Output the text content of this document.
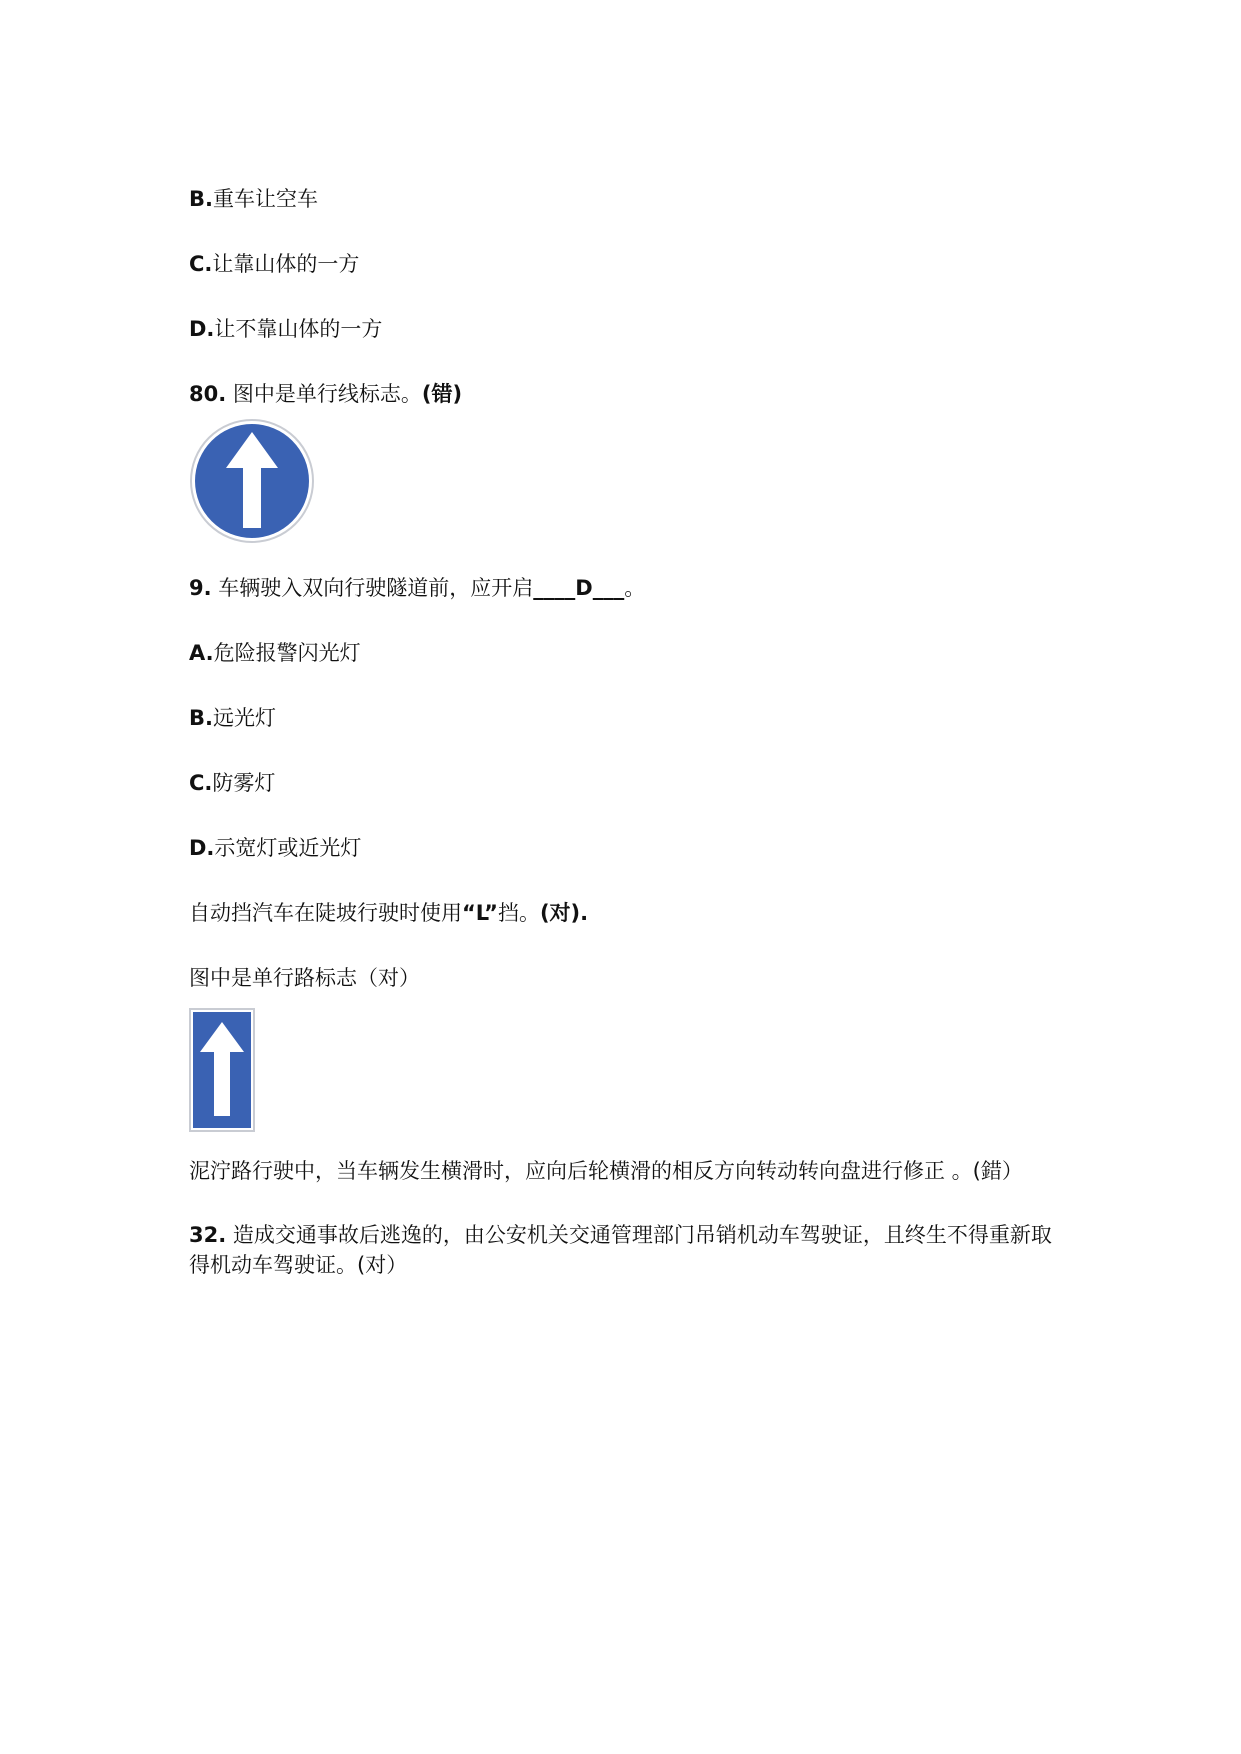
B.重车让空车
C.让靠山体的一方
D.让不靠山体的一方
80. 图中是单行线标志。(错)
9. 车辆驶入双向行驶隧道前，应开启____D___。
A.危险报警闪光灯
B.远光灯
C.防雾灯
D.示宽灯或近光灯
自动挡汽车在陡坡行驶时使用“L”挡。(对).
图中是单行路标志（对）
泥泞路行驶中，当车辆发生横滑时，应向后轮横滑的相反方向转动转向盘进行修正 。(錯）
32. 造成交通事故后逃逸的，由公安机关交通管理部门吊销机动车驾驶证，且终生不得重新取得机动车驾驶证。(对）
